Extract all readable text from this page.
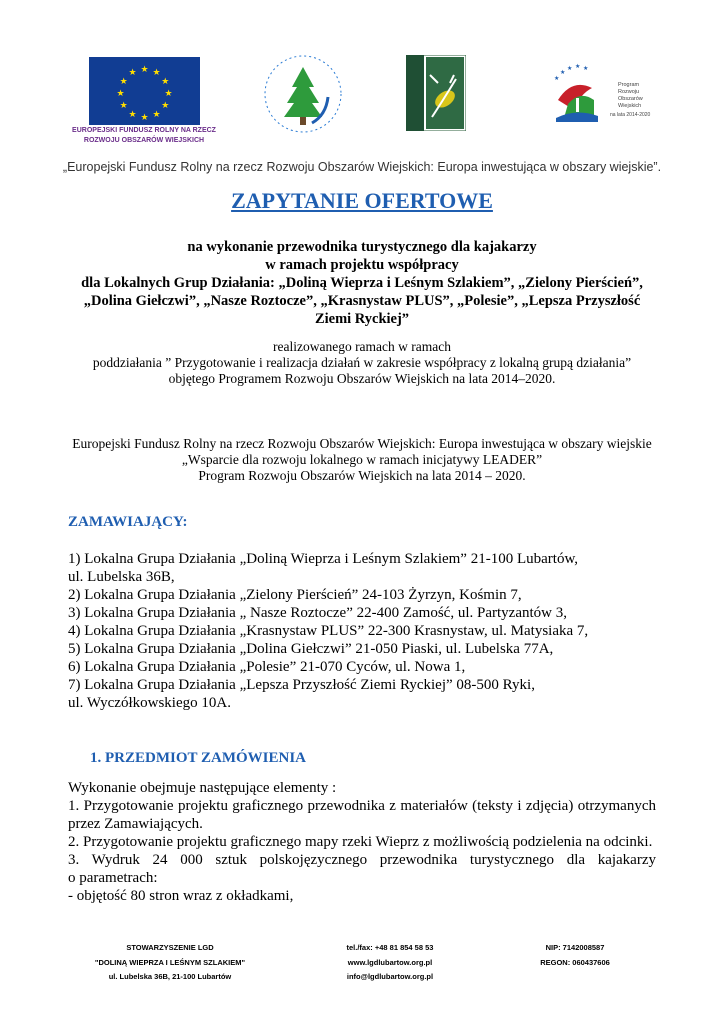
★ ★
★
★
★
★
★
★
★
★
★
★
EUROPEJSKI FUNDUSZ ROLNY NA RZECZ
ROZWOJU OBSZARÓW WIEJSKICH
★
★
★ ★ ★
Program
Rozwoju
Obszarów
Wiejskich
na lata 2014-2020
„Europejski Fundusz Rolny na rzecz Rozwoju Obszarów Wiejskich: Europa inwestująca w obszary wiejskie”.
ZAPYTANIE OFERTOWE
na wykonanie przewodnika turystycznego dla kajakarzy
w ramach projektu współpracy
dla Lokalnych Grup Działania: „Doliną Wieprza i Leśnym Szlakiem”, „Zielony Pierścień”,
„Dolina Giełczwi”, „Nasze Roztocze”, „Krasnystaw PLUS”, „Polesie”, „Lepsza Przyszłość
Ziemi Ryckiej”
realizowanego ramach w ramach
poddziałania ” Przygotowanie i realizacja działań w zakresie współpracy z lokalną grupą działania”
objętego Programem Rozwoju Obszarów Wiejskich na lata 2014–2020.
Europejski Fundusz Rolny na rzecz Rozwoju Obszarów Wiejskich: Europa inwestująca w obszary wiejskie
„Wsparcie dla rozwoju lokalnego w ramach inicjatywy LEADER”
Program Rozwoju Obszarów Wiejskich na lata 2014 – 2020.
ZAMAWIAJĄCY:
1) Lokalna Grupa Działania „Doliną Wieprza i Leśnym Szlakiem” 21-100 Lubartów,
ul. Lubelska 36B,
2) Lokalna Grupa Działania „Zielony Pierścień” 24-103 Żyrzyn, Kośmin 7,
3) Lokalna Grupa Działania „ Nasze Roztocze” 22-400 Zamość, ul. Partyzantów 3,
4) Lokalna Grupa Działania „Krasnystaw PLUS” 22-300 Krasnystaw, ul. Matysiaka 7,
5) Lokalna Grupa Działania „Dolina Giełczwi” 21-050 Piaski, ul. Lubelska 77A,
6) Lokalna Grupa Działania „Polesie” 21-070 Cyców, ul. Nowa 1,
7) Lokalna Grupa Działania „Lepsza Przyszłość Ziemi Ryckiej” 08-500 Ryki,
ul. Wyczółkowskiego 10A.
1. PRZEDMIOT ZAMÓWIENIA
Wykonanie obejmuje następujące elementy :
1. Przygotowanie projektu graficznego przewodnika z materiałów (teksty i zdjęcia) otrzymanych
przez Zamawiających.
2. Przygotowanie projektu graficznego mapy rzeki Wieprz z możliwością podzielenia na odcinki.
3. Wydruk 24 000 sztuk polskojęzycznego przewodnika turystycznego dla kajakarzy
o parametrach:
- objętość 80 stron wraz z okładkami,
STOWARZYSZENIE LGD
"DOLINĄ WIEPRZA I LEŚNYM SZLAKIEM"
ul. Lubelska 36B, 21-100 Lubartów
tel./fax: +48 81 854 58 53
www.lgdlubartow.org.pl
info@lgdlubartow.org.pl
NIP: 7142008587
REGON: 060437606
